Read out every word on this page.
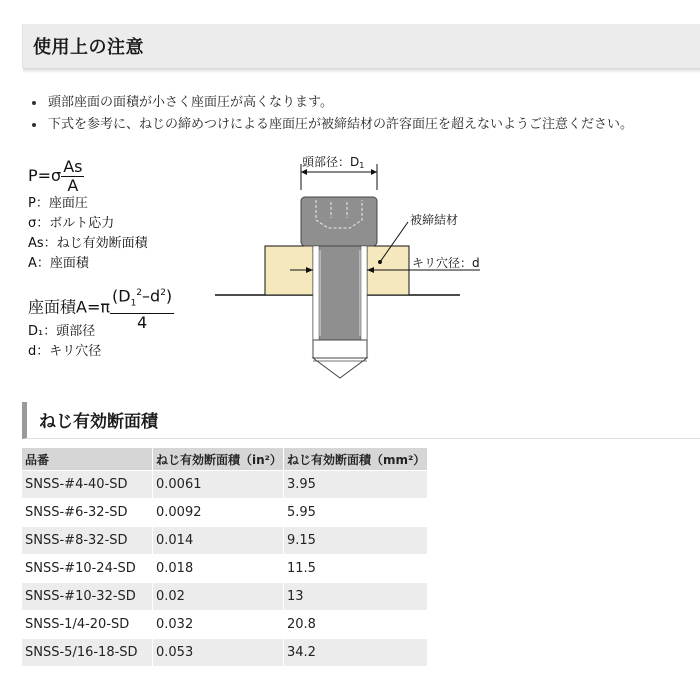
使用上の注意
頭部座面の面積が小さく座面圧が高くなります。
下式を参考に、ねじの締めつけによる座面圧が被締結材の許容面圧を超えないようご注意ください。
$P=\sigma \frac{As}{A}$
P：座面圧
σ：ボルト応力
As：ねじ有効断面積
A：座面積
座面積$A=\pi \frac{(D_1^2-d^2)}{4}$
D₁：頭部径
d：キリ穴径
頭部径：D1
キリ穴径：d
被締結材
ねじ有効断面積
品番	ねじ有効断面積（in²）	ねじ有効断面積（mm²）
SNSS-#4-40-SD	0.0061	3.95
SNSS-#6-32-SD	0.0092	5.95
SNSS-#8-32-SD	0.014	9.15
SNSS-#10-24-SD	0.018	11.5
SNSS-#10-32-SD	0.02	13
SNSS-1/4-20-SD	0.032	20.8
SNSS-5/16-18-SD	0.053	34.2
